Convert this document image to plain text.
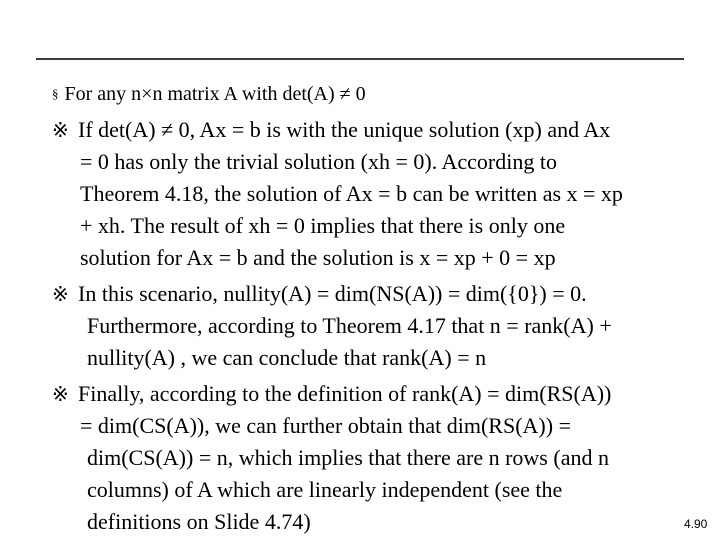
§ For any n×n matrix A with det(A) ≠ 0
※ If det(A) ≠ 0, Ax = b is with the unique solution (xp) and Ax
= 0 has only the trivial solution (xh = 0). According to
Theorem 4.18, the solution of Ax = b can be written as x = xp
+ xh. The result of xh = 0 implies that there is only one
solution for Ax = b and the solution is x = xp + 0 = xp
※ In this scenario, nullity(A) = dim(NS(A)) = dim({0}) = 0.
Furthermore, according to Theorem 4.17 that n = rank(A) +
nullity(A) , we can conclude that rank(A) = n
※ Finally, according to the definition of rank(A) = dim(RS(A))
= dim(CS(A)), we can further obtain that dim(RS(A)) =
dim(CS(A)) = n, which implies that there are n rows (and n
columns) of A which are linearly independent (see the
definitions on Slide 4.74)	4.90
